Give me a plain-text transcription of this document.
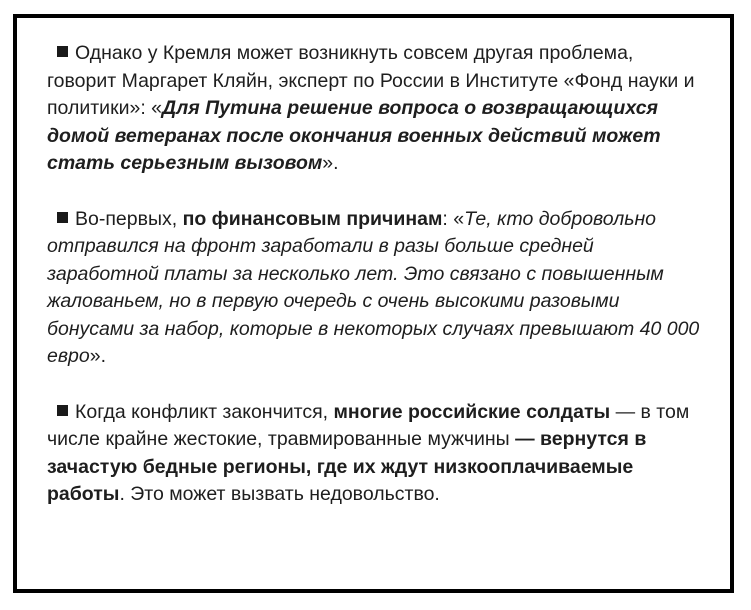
Однако у Кремля может возникнуть совсем другая проблема, говорит Маргарет Кляйн, эксперт по России в Институте «Фонд науки и политики»: «Для Путина решение вопроса о возвращающихся домой ветеранах после окончания военных действий может стать серьезным вызовом».

Во-первых, по финансовым причинам: «Те, кто добровольно отправился на фронт заработали в разы больше средней заработной платы за несколько лет. Это связано с повышенным жалованьем, но в первую очередь с очень высокими разовыми бонусами за набор, которые в некоторых случаях превышают 40 000 евро».

Когда конфликт закончится, многие российские солдаты — в том числе крайне жестокие, травмированные мужчины — вернутся в зачастую бедные регионы, где их ждут низкооплачиваемые работы. Это может вызвать недовольство.
